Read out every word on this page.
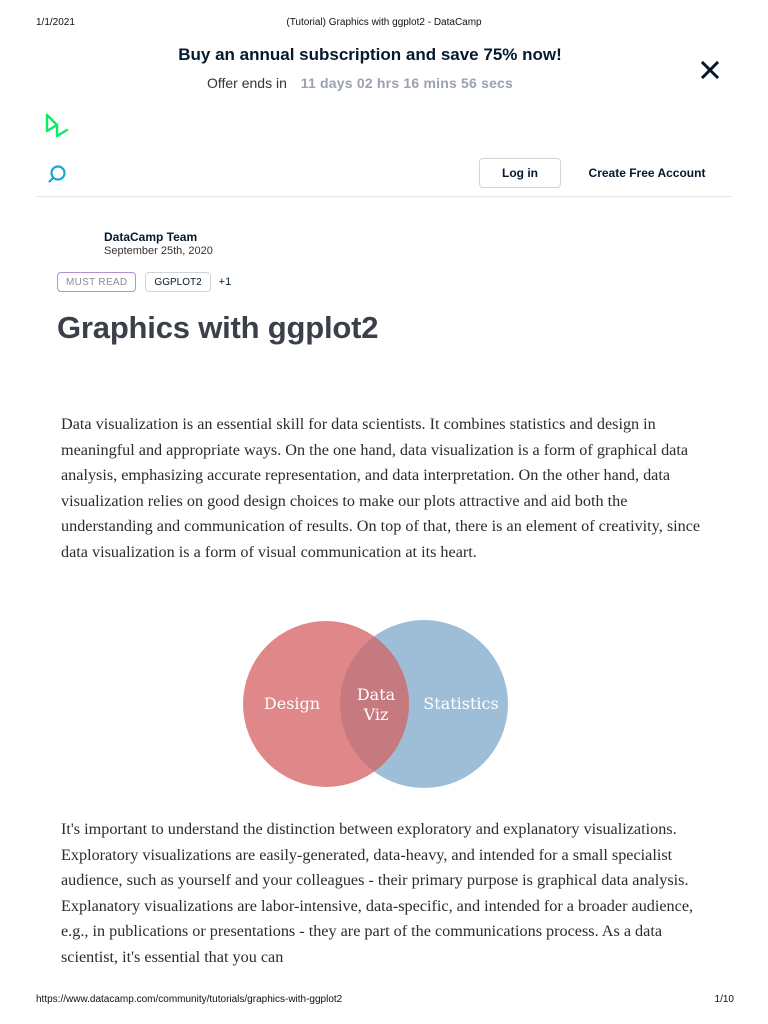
1/1/2021	(Tutorial) Graphics with ggplot2 - DataCamp
Buy an annual subscription and save 75% now!
Offer ends in 11 days 02 hrs 16 mins 56 secs
Log in	Create Free Account
DataCamp Team
September 25th, 2020
MUST READ	GGPLOT2	+1
Graphics with ggplot2

Data visualization is an essential skill for data scientists. It combines statistics and design in meaningful and appropriate ways. On the one hand, data visualization is a form of graphical data analysis, emphasizing accurate representation, and data interpretation. On the other hand, data visualization relies on good design choices to make our plots attractive and aid both the understanding and communication of results. On top of that, there is an element of creativity, since data visualization is a form of visual communication at its heart.

Design Data
Viz
Statistics

It's important to understand the distinction between exploratory and explanatory visualizations. Exploratory visualizations are easily-generated, data-heavy, and intended for a small specialist audience, such as yourself and your colleagues - their primary purpose is graphical data analysis. Explanatory visualizations are labor-intensive, data-specific, and intended for a broader audience, e.g., in publications or presentations - they are part of the communications process. As a data scientist, it's essential that you can

https://www.datacamp.com/community/tutorials/graphics-with-ggplot2	1/10
